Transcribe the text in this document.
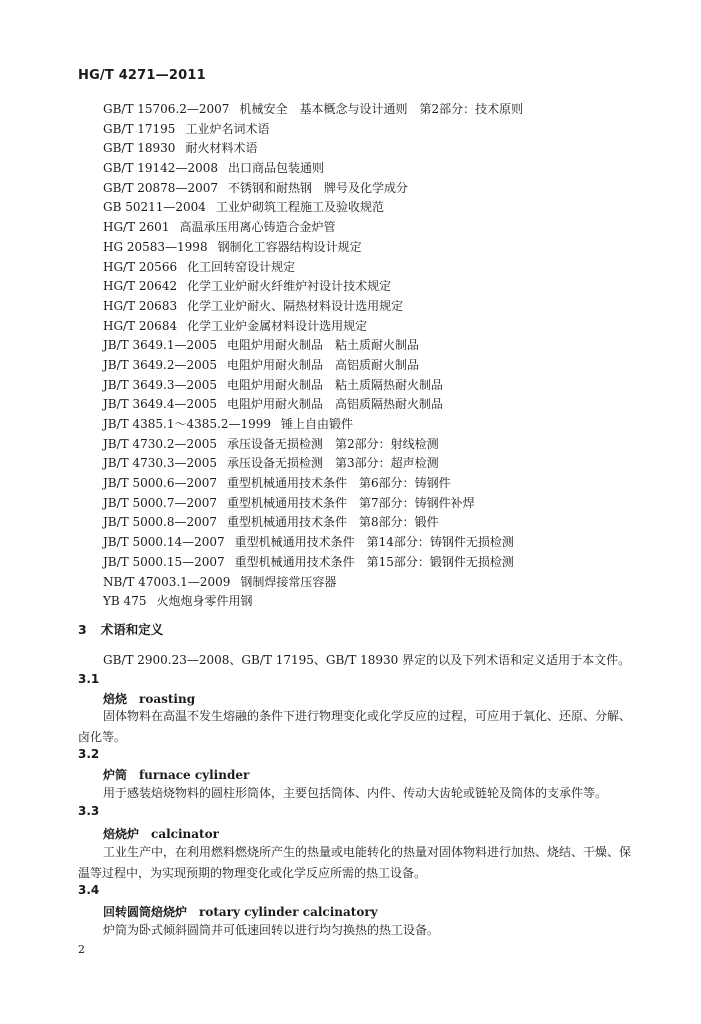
HG/T 4271—2011
GB/T 15706.2—2007 机械安全　基本概念与设计通则　第2部分：技术原则
GB/T 17195 工业炉名词术语
GB/T 18930 耐火材料术语
GB/T 19142—2008 出口商品包装通则
GB/T 20878—2007 不锈钢和耐热钢　牌号及化学成分
GB 50211—2004 工业炉砌筑工程施工及验收规范
HG/T 2601 高温承压用离心铸造合金炉管
HG 20583—1998 钢制化工容器结构设计规定
HG/T 20566 化工回转窑设计规定
HG/T 20642 化学工业炉耐火纤维炉衬设计技术规定
HG/T 20683 化学工业炉耐火、隔热材料设计选用规定
HG/T 20684 化学工业炉金属材料设计选用规定
JB/T 3649.1—2005 电阻炉用耐火制品　粘土质耐火制品
JB/T 3649.2—2005 电阻炉用耐火制品　高铝质耐火制品
JB/T 3649.3—2005 电阻炉用耐火制品　粘土质隔热耐火制品
JB/T 3649.4—2005 电阻炉用耐火制品　高铝质隔热耐火制品
JB/T 4385.1～4385.2—1999 锤上自由锻件
JB/T 4730.2—2005 承压设备无损检测　第2部分：射线检测
JB/T 4730.3—2005 承压设备无损检测　第3部分：超声检测
JB/T 5000.6—2007 重型机械通用技术条件　第6部分：铸钢件
JB/T 5000.7—2007 重型机械通用技术条件　第7部分：铸钢件补焊
JB/T 5000.8—2007 重型机械通用技术条件　第8部分：锻件
JB/T 5000.14—2007 重型机械通用技术条件　第14部分：铸钢件无损检测
JB/T 5000.15—2007 重型机械通用技术条件　第15部分：锻钢件无损检测
NB/T 47003.1—2009 钢制焊接常压容器
YB 475 火炮炮身零件用钢
3 术语和定义
GB/T 2900.23—2008、GB/T 17195、GB/T 18930 界定的以及下列术语和定义适用于本文件。
3.1
焙烧 roasting
固体物料在高温不发生熔融的条件下进行物理变化或化学反应的过程，可应用于氧化、还原、分解、
卤化等。
3.2
炉筒 furnace cylinder
用于感装焙烧物料的圆柱形筒体，主要包括筒体、内件、传动大齿轮或链轮及筒体的支承件等。
3.3
焙烧炉 calcinator
工业生产中，在利用燃料燃烧所产生的热量或电能转化的热量对固体物料进行加热、烧结、干燥、保
温等过程中，为实现预期的物理变化或化学反应所需的热工设备。
3.4
回转圆筒焙烧炉 rotary cylinder calcinatory
炉筒为卧式倾斜圆筒并可低速回转以进行均匀换热的热工设备。
2
